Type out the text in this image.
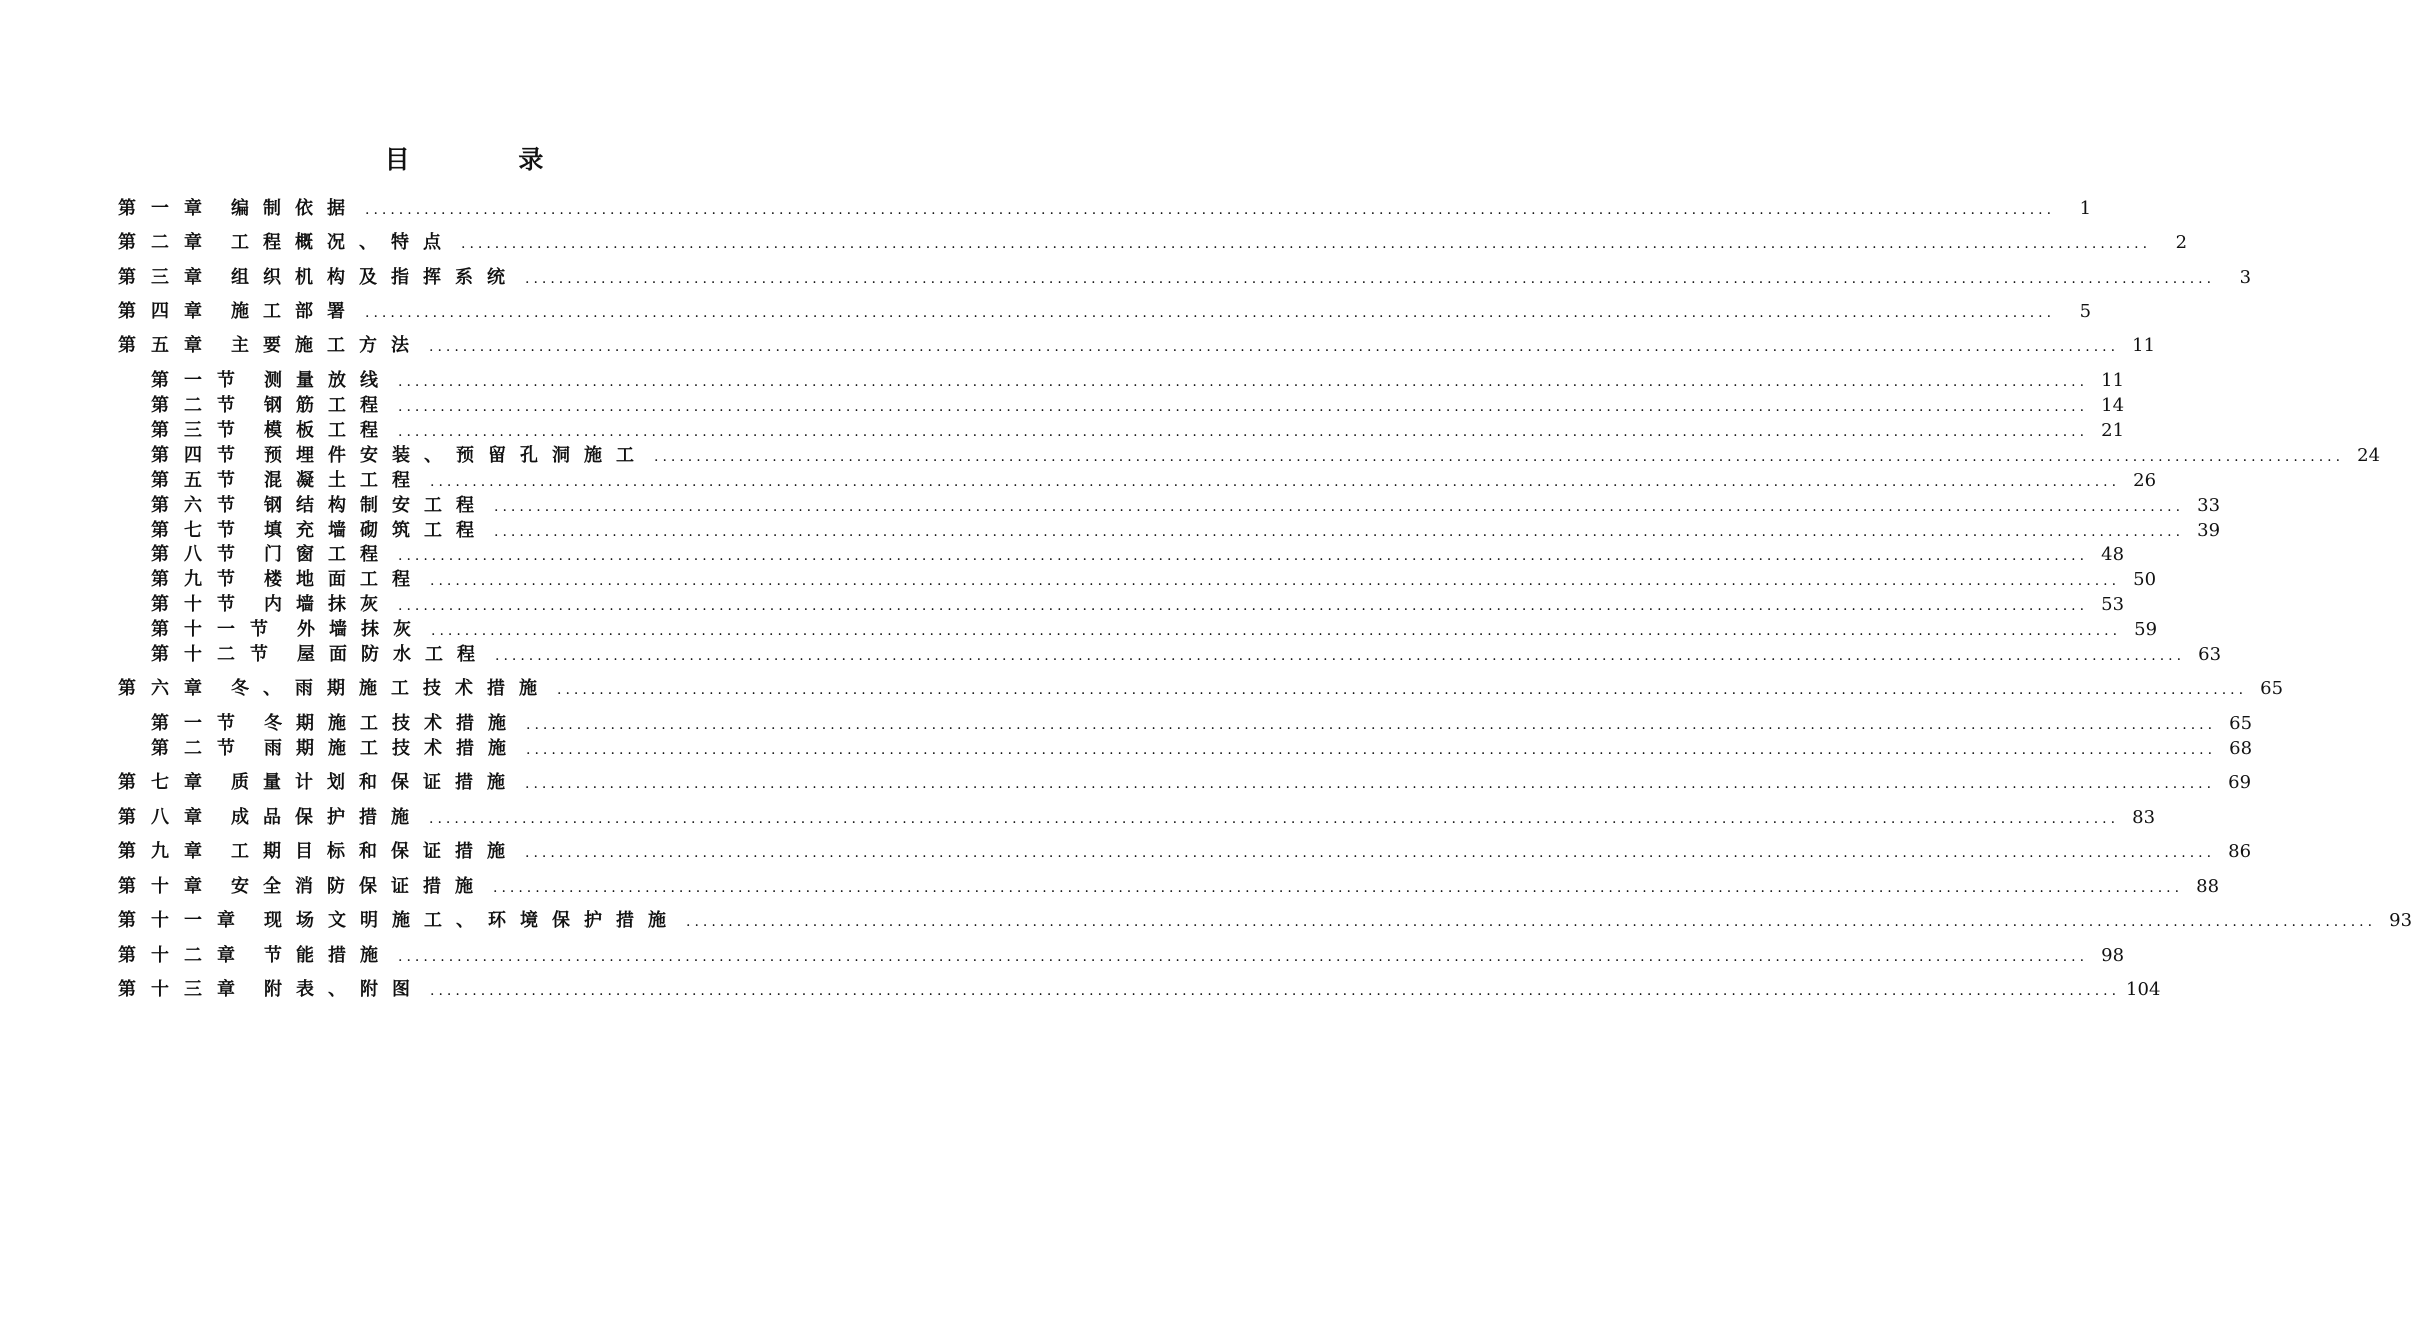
目 录
第一章 编制依据 ........................................................................................................................................................................................................	1
第二章 工程概况、特点 ........................................................................................................................................................................................................	2
第三章 组织机构及指挥系统 ........................................................................................................................................................................................................	3
第四章 施工部署 ........................................................................................................................................................................................................	5
第五章 主要施工方法 ........................................................................................................................................................................................................ 11
第一节 测量放线 ........................................................................................................................................................................................................ 11
第二节 钢筋工程 ........................................................................................................................................................................................................ 14
第三节 模板工程 ........................................................................................................................................................................................................ 21
第四节 预埋件安装、预留孔洞施工 ........................................................................................................................................................................................................ 24
第五节 混凝土工程 ........................................................................................................................................................................................................ 26
第六节 钢结构制安工程 ........................................................................................................................................................................................................ 33
第七节 填充墙砌筑工程 ........................................................................................................................................................................................................ 39
第八节 门窗工程 ........................................................................................................................................................................................................ 48
第九节 楼地面工程 ........................................................................................................................................................................................................ 50
第十节 内墙抹灰 ........................................................................................................................................................................................................ 53
第十一节 外墙抹灰 ........................................................................................................................................................................................................ 59
第十二节 屋面防水工程 ........................................................................................................................................................................................................ 63
第六章 冬、雨期施工技术措施 ........................................................................................................................................................................................................ 65
第一节 冬期施工技术措施 ........................................................................................................................................................................................................ 65
第二节 雨期施工技术措施 ........................................................................................................................................................................................................ 68
第七章 质量计划和保证措施 ........................................................................................................................................................................................................ 69
第八章 成品保护措施 ........................................................................................................................................................................................................ 83
第九章 工期目标和保证措施 ........................................................................................................................................................................................................ 86
第十章 安全消防保证措施 ........................................................................................................................................................................................................ 88
第十一章 现场文明施工、环境保护措施 ........................................................................................................................................................................................................ 93
第十二章 节能措施 ........................................................................................................................................................................................................ 98
第十三章 附表、附图 ........................................................................................................................................................................................................ 104
